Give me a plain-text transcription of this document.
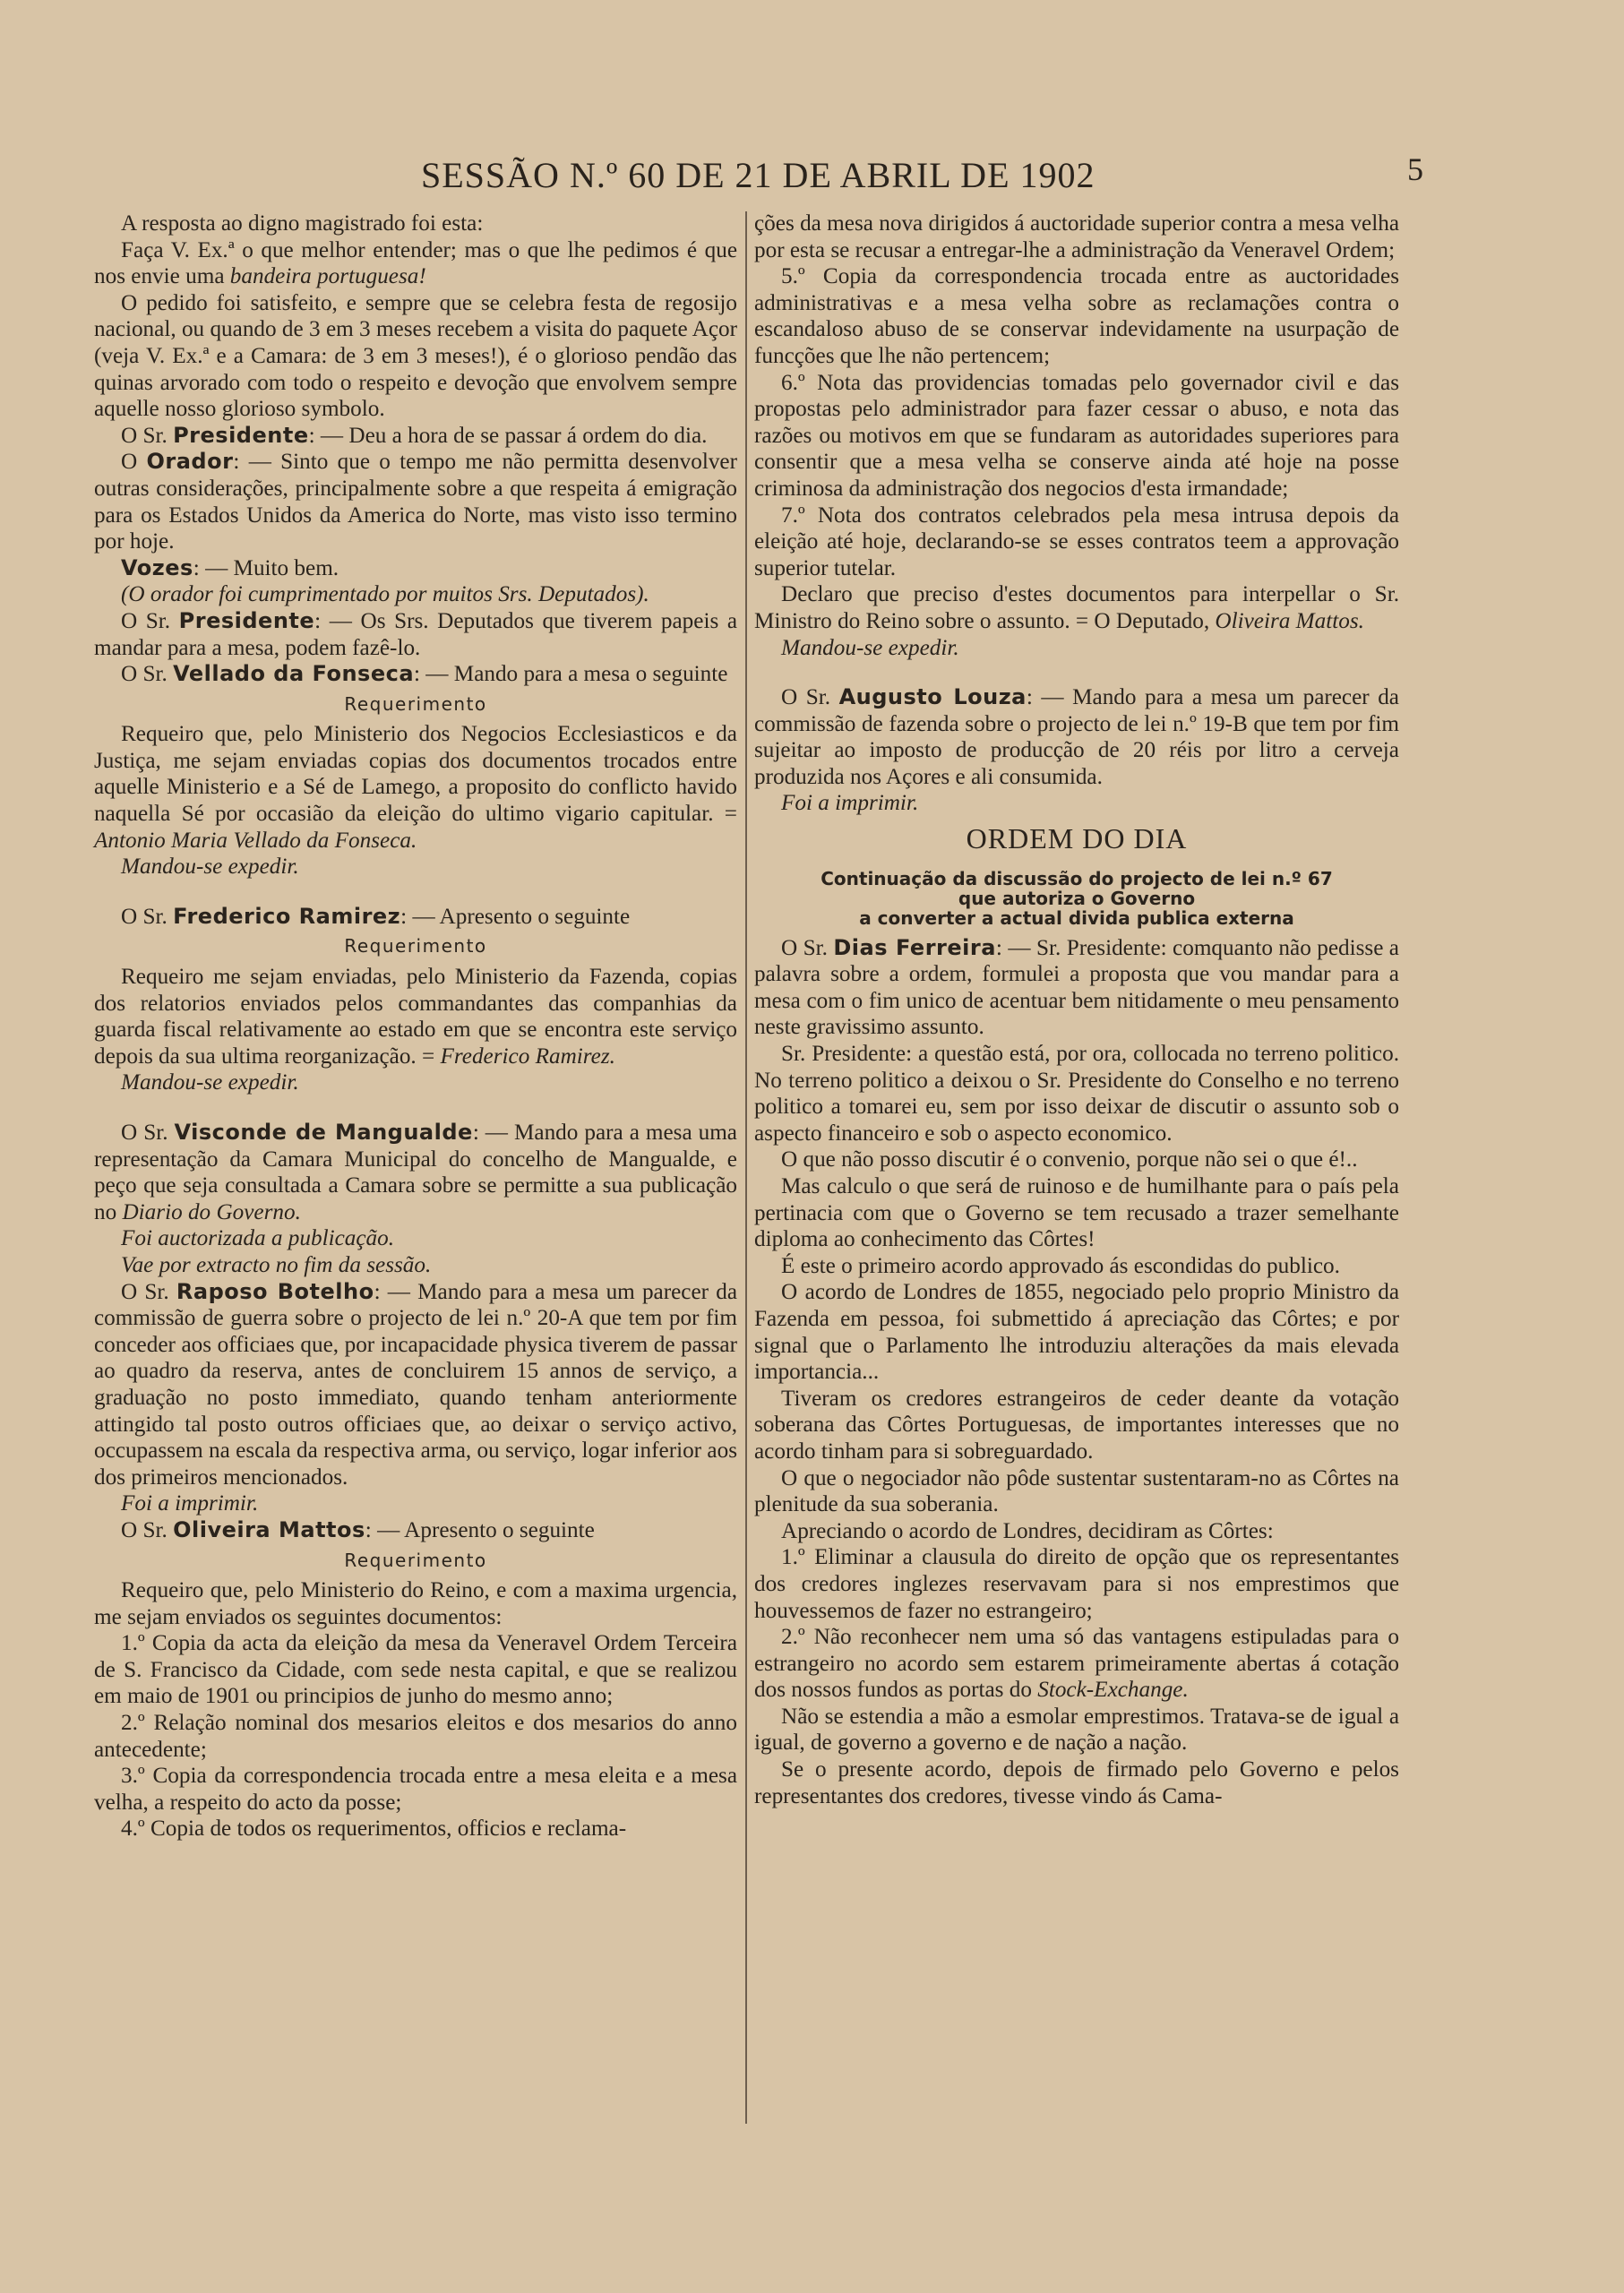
SESSÃO N.º 60 DE 21 DE ABRIL DE 1902	5

A resposta ao digno magistrado foi esta:

Faça V. Ex.ª o que melhor entender; mas o que lhe pedimos é que nos envie uma bandeira portuguesa!

O pedido foi satisfeito, e sempre que se celebra festa de regosijo nacional, ou quando de 3 em 3 meses recebem a visita do paquete Açor (veja V. Ex.ª e a Camara: de 3 em 3 meses!), é o glorioso pendão das quinas arvorado com todo o respeito e devoção que envolvem sempre aquelle nosso glorioso symbolo.

O Sr. Presidente: — Deu a hora de se passar á ordem do dia.

O Orador: — Sinto que o tempo me não permitta desenvolver outras considerações, principalmente sobre a que respeita á emigração para os Estados Unidos da America do Norte, mas visto isso termino por hoje.

Vozes: — Muito bem.

(O orador foi cumprimentado por muitos Srs. Deputados).

O Sr. Presidente: — Os Srs. Deputados que tiverem papeis a mandar para a mesa, podem fazê-lo.

O Sr. Vellado da Fonseca: — Mando para a mesa o seguinte

Requerimento

Requeiro que, pelo Ministerio dos Negocios Ecclesiasticos e da Justiça, me sejam enviadas copias dos documentos trocados entre aquelle Ministerio e a Sé de Lamego, a proposito do conflicto havido naquella Sé por occasião da eleição do ultimo vigario capitular. = Antonio Maria Vellado da Fonseca.

Mandou-se expedir.

O Sr. Frederico Ramirez: — Apresento o seguinte

Requerimento

Requeiro me sejam enviadas, pelo Ministerio da Fazenda, copias dos relatorios enviados pelos commandantes das companhias da guarda fiscal relativamente ao estado em que se encontra este serviço depois da sua ultima reorganização. = Frederico Ramirez.

Mandou-se expedir.

O Sr. Visconde de Mangualde: — Mando para a mesa uma representação da Camara Municipal do concelho de Mangualde, e peço que seja consultada a Camara sobre se permitte a sua publicação no Diario do Governo.

Foi auctorizada a publicação.

Vae por extracto no fim da sessão.

O Sr. Raposo Botelho: — Mando para a mesa um parecer da commissão de guerra sobre o projecto de lei n.º 20-A que tem por fim conceder aos officiaes que, por incapacidade physica tiverem de passar ao quadro da reserva, antes de concluirem 15 annos de serviço, a graduação no posto immediato, quando tenham anteriormente attingido tal posto outros officiaes que, ao deixar o serviço activo, occupassem na escala da respectiva arma, ou serviço, logar inferior aos dos primeiros mencionados.

Foi a imprimir.

O Sr. Oliveira Mattos: — Apresento o seguinte

Requerimento

Requeiro que, pelo Ministerio do Reino, e com a maxima urgencia, me sejam enviados os seguintes documentos:

1.º Copia da acta da eleição da mesa da Veneravel Ordem Terceira de S. Francisco da Cidade, com sede nesta capital, e que se realizou em maio de 1901 ou principios de junho do mesmo anno;

2.º Relação nominal dos mesarios eleitos e dos mesarios do anno antecedente;

3.º Copia da correspondencia trocada entre a mesa eleita e a mesa velha, a respeito do acto da posse;

4.º Copia de todos os requerimentos, officios e reclama-

ções da mesa nova dirigidos á auctoridade superior contra a mesa velha por esta se recusar a entregar-lhe a administração da Veneravel Ordem;

5.º Copia da correspondencia trocada entre as auctoridades administrativas e a mesa velha sobre as reclamações contra o escandaloso abuso de se conservar indevidamente na usurpação de funcções que lhe não pertencem;

6.º Nota das providencias tomadas pelo governador civil e das propostas pelo administrador para fazer cessar o abuso, e nota das razões ou motivos em que se fundaram as autoridades superiores para consentir que a mesa velha se conserve ainda até hoje na posse criminosa da administração dos negocios d'esta irmandade;

7.º Nota dos contratos celebrados pela mesa intrusa depois da eleição até hoje, declarando-se se esses contratos teem a approvação superior tutelar.

Declaro que preciso d'estes documentos para interpellar o Sr. Ministro do Reino sobre o assunto. = O Deputado, Oliveira Mattos.

Mandou-se expedir.

O Sr. Augusto Louza: — Mando para a mesa um parecer da commissão de fazenda sobre o projecto de lei n.º 19-B que tem por fim sujeitar ao imposto de producção de 20 réis por litro a cerveja produzida nos Açores e ali consumida.

Foi a imprimir.

ORDEM DO DIA

Continuação da discussão do projecto de lei n.º 67

que autoriza o Governo

a converter a actual divida publica externa

O Sr. Dias Ferreira: — Sr. Presidente: comquanto não pedisse a palavra sobre a ordem, formulei a proposta que vou mandar para a mesa com o fim unico de acentuar bem nitidamente o meu pensamento neste gravissimo assunto.

Sr. Presidente: a questão está, por ora, collocada no terreno politico. No terreno politico a deixou o Sr. Presidente do Conselho e no terreno politico a tomarei eu, sem por isso deixar de discutir o assunto sob o aspecto financeiro e sob o aspecto economico.

O que não posso discutir é o convenio, porque não sei o que é!..

Mas calculo o que será de ruinoso e de humilhante para o país pela pertinacia com que o Governo se tem recusado a trazer semelhante diploma ao conhecimento das Côrtes!

É este o primeiro acordo approvado ás escondidas do publico.

O acordo de Londres de 1855, negociado pelo proprio Ministro da Fazenda em pessoa, foi submettido á apreciação das Côrtes; e por signal que o Parlamento lhe introduziu alterações da mais elevada importancia...

Tiveram os credores estrangeiros de ceder deante da votação soberana das Côrtes Portuguesas, de importantes interesses que no acordo tinham para si sobreguardado.

O que o negociador não pôde sustentar sustentaram-no as Côrtes na plenitude da sua soberania.

Apreciando o acordo de Londres, decidiram as Côrtes:

1.º Eliminar a clausula do direito de opção que os representantes dos credores inglezes reservavam para si nos emprestimos que houvessemos de fazer no estrangeiro;

2.º Não reconhecer nem uma só das vantagens estipuladas para o estrangeiro no acordo sem estarem primeiramente abertas á cotação dos nossos fundos as portas do Stock-Exchange.

Não se estendia a mão a esmolar emprestimos. Tratava-se de igual a igual, de governo a governo e de nação a nação.

Se o presente acordo, depois de firmado pelo Governo e pelos representantes dos credores, tivesse vindo ás Cama-
